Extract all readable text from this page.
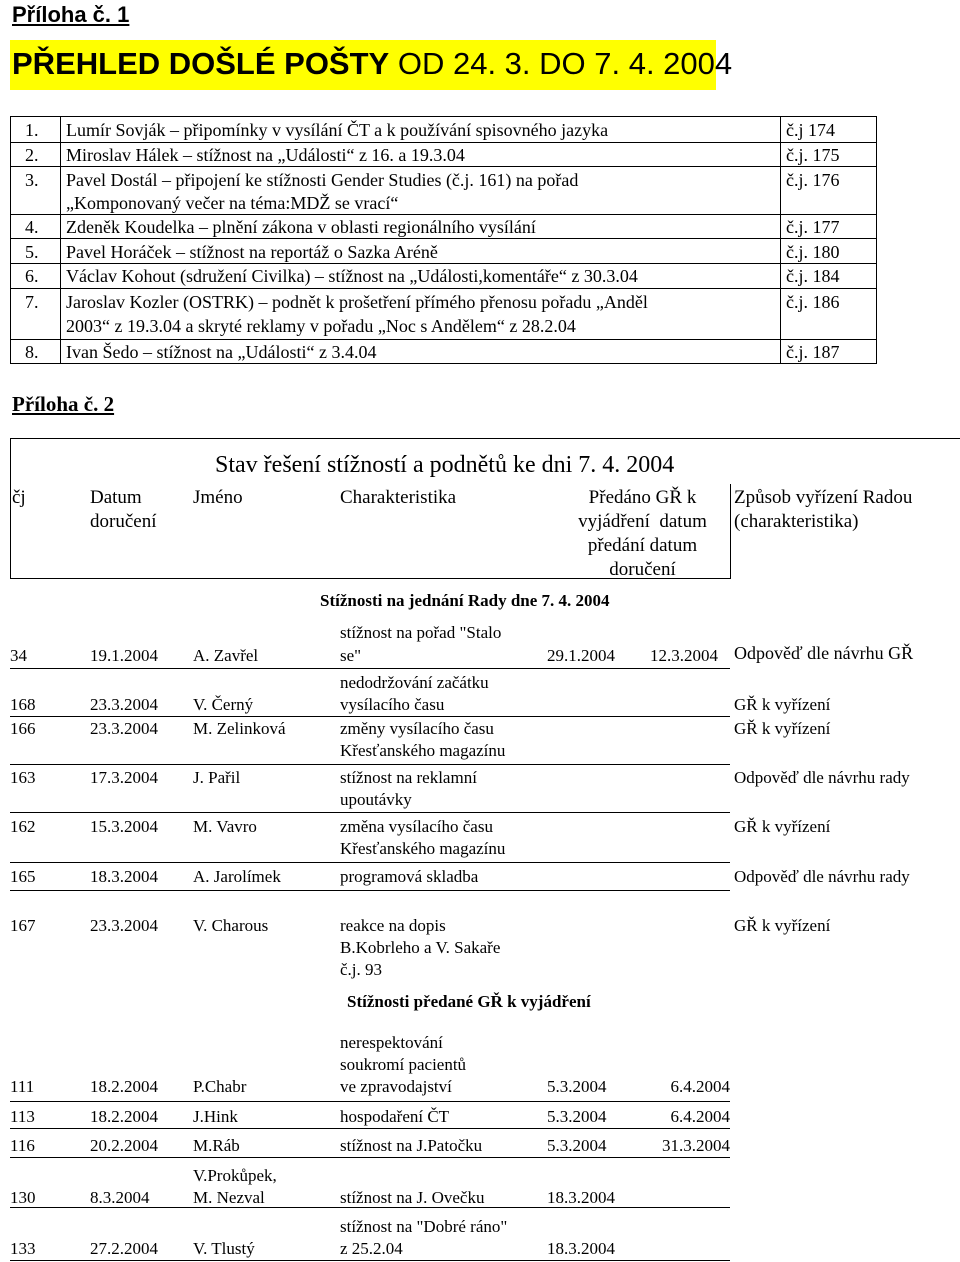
Příloha č. 1
PŘEHLED DOŠLÉ POŠTY OD 24. 3. DO 7. 4. 2004
1. Lumír Sovják – připomínky v vysílání ČT a k používání spisovného jazyka	č.j 174
2. Miroslav Hálek – stížnost na „Události“ z 16. a 19.3.04	č.j. 175
3. Pavel Dostál – připojení ke stížnosti Gender Studies (č.j. 161) na pořad
„Komponovaný večer na téma:MDŽ se vrací“
č.j. 176
4. Zdeněk Koudelka – plnění zákona v oblasti regionálního vysílání	č.j. 177
5. Pavel Horáček – stížnost na reportáž o Sazka Aréně	č.j. 180
6. Václav Kohout (sdružení Civilka) – stížnost na „Události,komentáře“ z 30.3.04	č.j. 184
7. Jaroslav Kozler (OSTRK) – podnět k prošetření přímého přenosu pořadu „Anděl
2003“ z 19.3.04 a skryté reklamy v pořadu „Noc s Andělem“ z 28.2.04
č.j. 186
8. Ivan Šedo – stížnost na „Události“ z 3.4.04	č.j. 187
Příloha č. 2
Stav řešení stížností a podnětů ke dni 7. 4. 2004
čj	Datum
doručení
Jméno	Charakteristika	Předáno GŘ k
vyjádření  datum
předání datum
doručení
Způsob vyřízení Radou
(charakteristika)
Stížnosti na jednání Rady dne 7. 4. 2004
34	19.1.2004 A. Zavřel
stížnost na pořad "Stalo
se"	29.1.2004 12.3.2004 Odpověď dle návrhu GŘ
168	23.3.2004 V. Černý
nedodržování začátku
vysílacího času	GŘ k vyřízení
166	23.3.2004 M. Zelinková	změny vysílacího času
Křesťanského magazínu
GŘ k vyřízení
163	17.3.2004 J. Pařil	stížnost na reklamní
upoutávky
Odpověď dle návrhu rady
162	15.3.2004 M. Vavro	změna vysílacího času
Křesťanského magazínu
GŘ k vyřízení
165	18.3.2004 A. Jarolímek	programová skladba	Odpověď dle návrhu rady
167	23.3.2004 V. Charous	reakce na dopis
B.Kobrleho a V. Sakaře
č.j. 93
GŘ k vyřízení
Stížnosti předané GŘ k vyjádření
111	18.2.2004 P.Chabr
nerespektování
soukromí pacientů
ve zpravodajství	5.3.2004	6.4.2004
113	18.2.2004 J.Hink	hospodaření ČT	5.3.2004	6.4.2004
116	20.2.2004 M.Ráb	stížnost na J.Patočku	5.3.2004	31.3.2004
130	8.3.2004
V.Prokůpek,
M. Nezval	stížnost na J. Ovečku	18.3.2004
133	27.2.2004 V. Tlustý
stížnost na "Dobré ráno"
z 25.2.04	18.3.2004
